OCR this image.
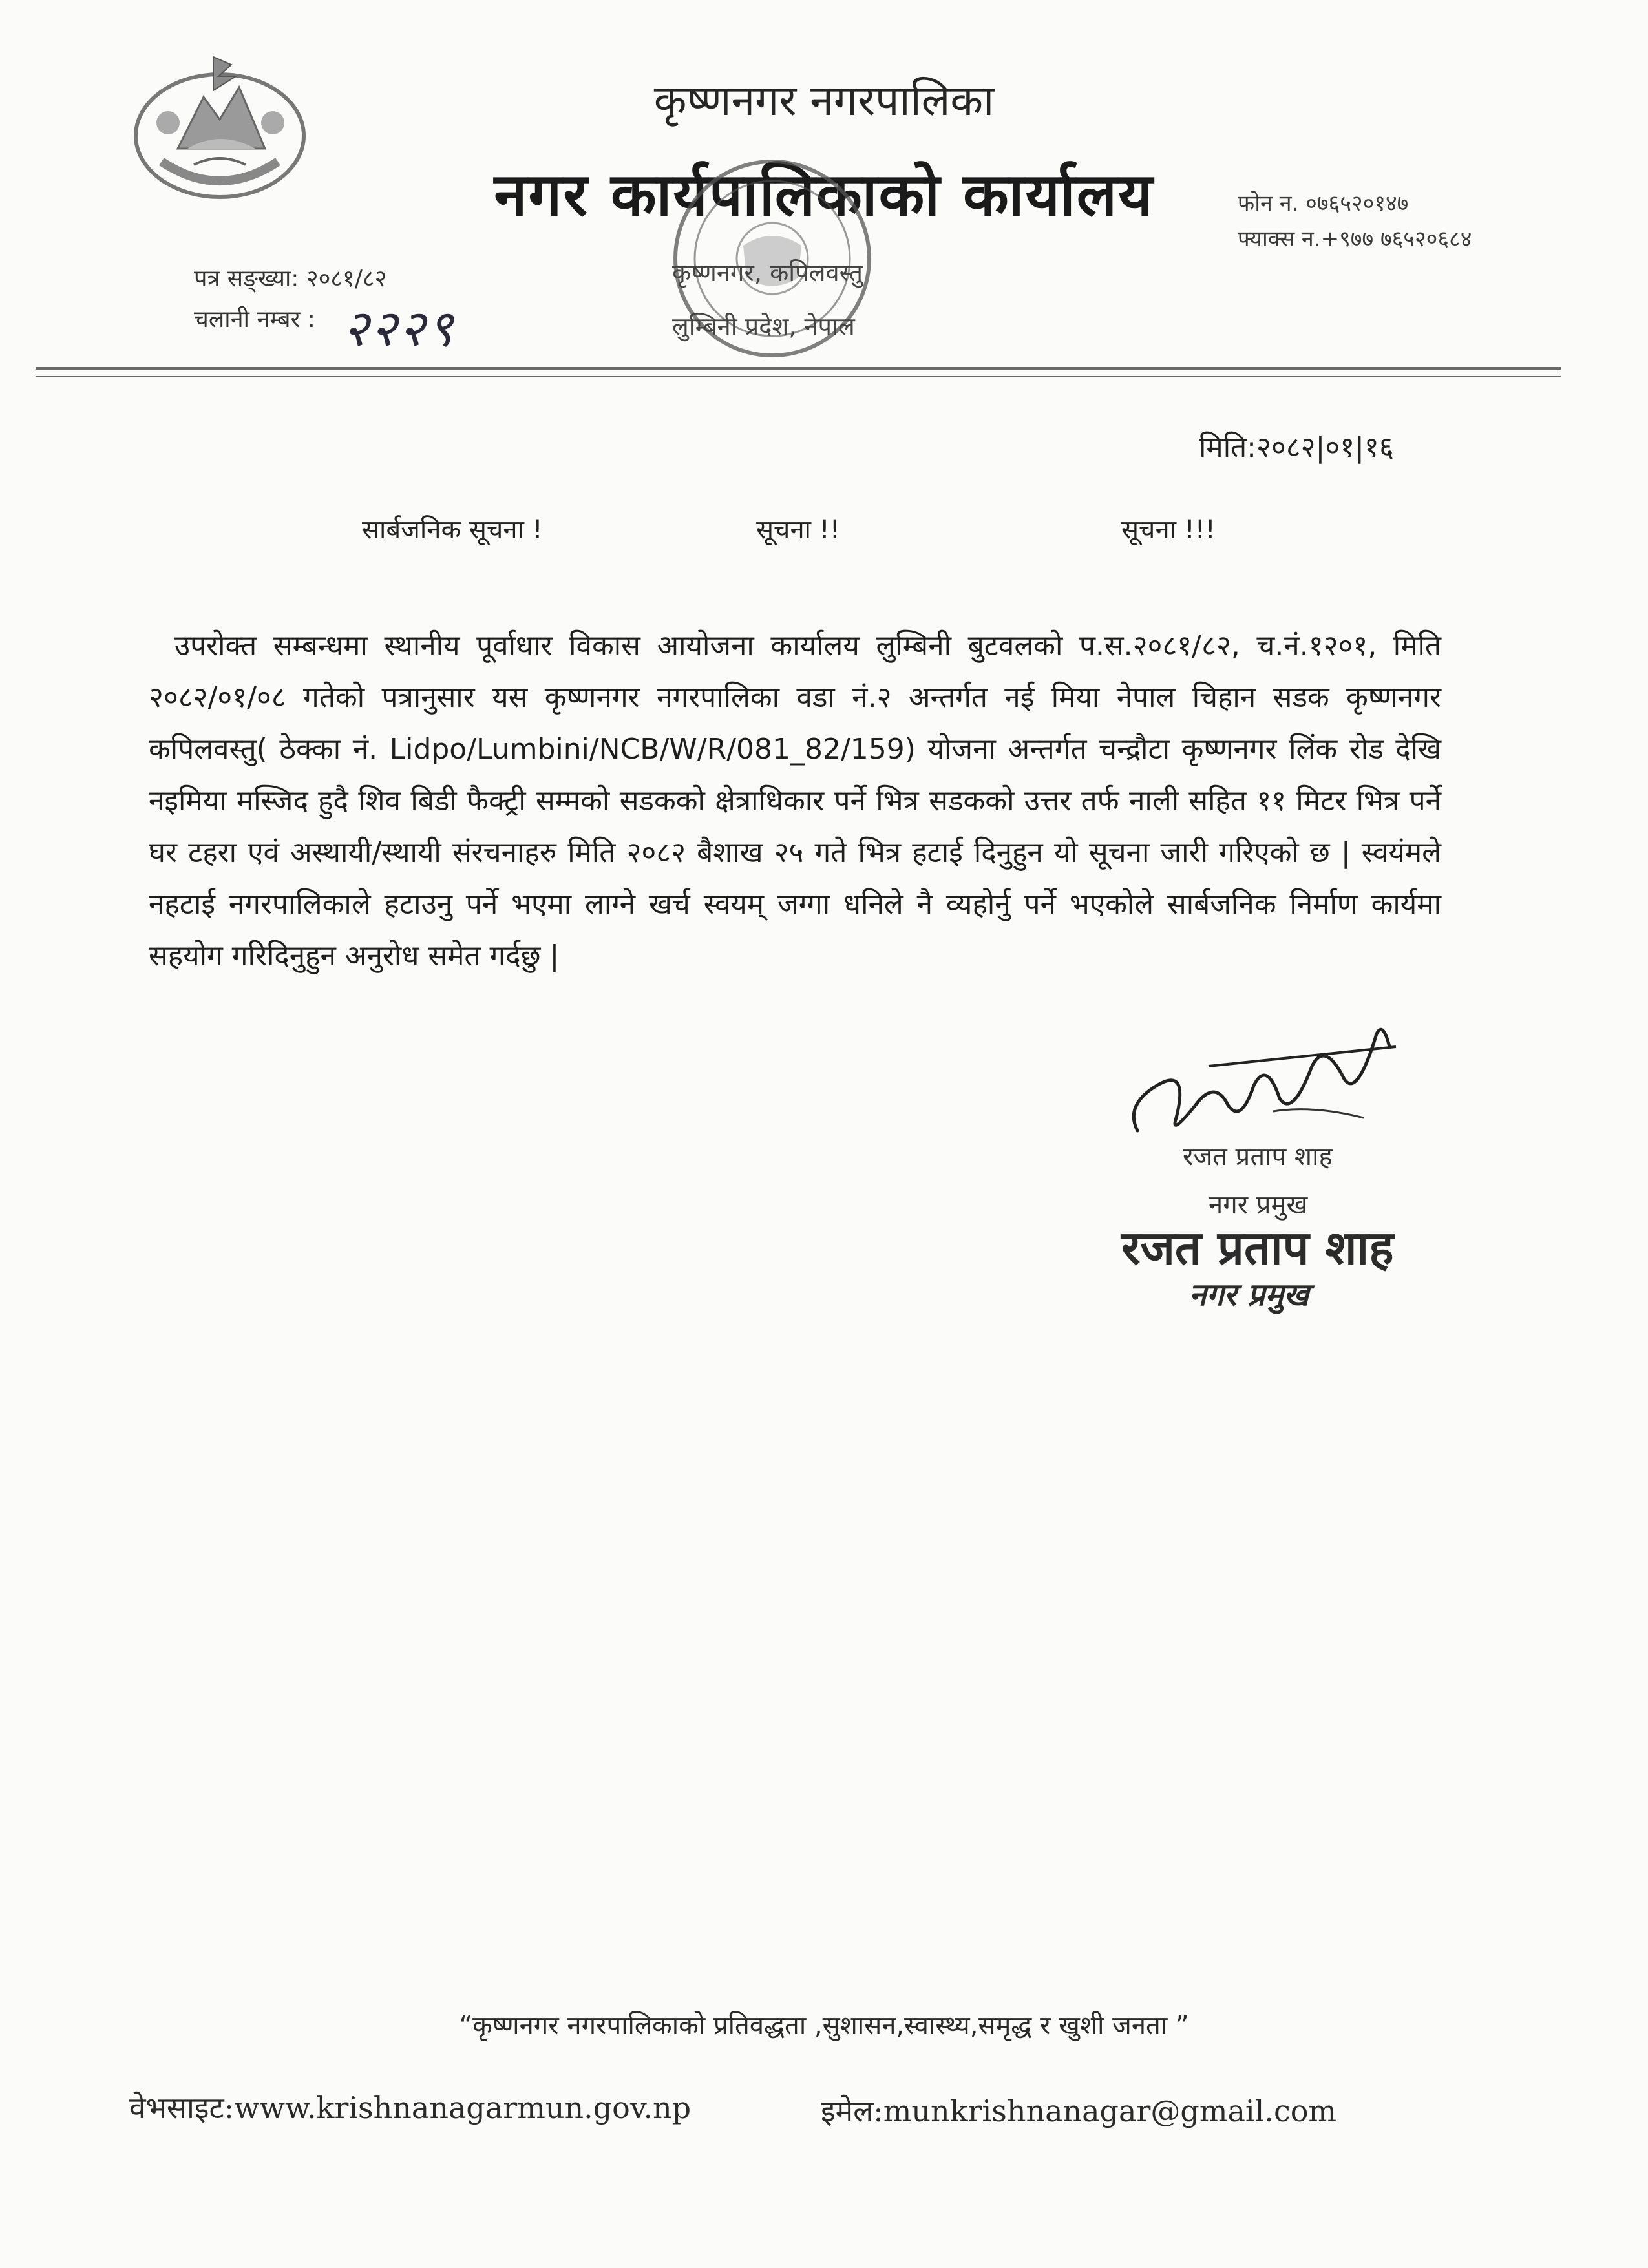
कृष्णनगर नगरपालिका
नगर कार्यपालिकाको कार्यालय	फोन न. ०७६५२०१४७
फ्याक्स न.+९७७ ७६५२०६८४
पत्र सङ्ख्या: २०८१/८२
चलानी नम्बर : २२२९
कृष्णनगर, कपिलवस्तु
लुम्बिनी प्रदेश, नेपाल
मिति:२०८२|०१|१६
सार्बजनिक सूचना !	सूचना !!	सूचना !!!
उपरोक्त सम्बन्धमा स्थानीय पूर्वाधार विकास आयोजना कार्यालय लुम्बिनी बुटवलको प.स.२०८१/८२, च.नं.१२०१, मिति २०८२/०१/०८ गतेको पत्रानुसार यस कृष्णनगर नगरपालिका वडा नं.२ अन्तर्गत नई मिया नेपाल चिहान सडक कृष्णनगर कपिलवस्तु( ठेक्का नं. Lidpo/Lumbini/NCB/W/R/081_82/159) योजना अन्तर्गत चन्द्रौटा कृष्णनगर लिंक रोड देखि नइमिया मस्जिद हुदै शिव बिडी फैक्ट्री सम्मको सडकको क्षेत्राधिकार पर्ने भित्र सडकको उत्तर तर्फ नाली सहित ११ मिटर भित्र पर्ने घर टहरा एवं अस्थायी/स्थायी संरचनाहरु मिति २०८२ बैशाख २५ गते भित्र हटाई दिनुहुन यो सूचना जारी गरिएको छ | स्वयंमले नहटाई नगरपालिकाले हटाउनु पर्ने भएमा लाग्ने खर्च स्वयम् जग्गा धनिले नै व्यहोर्नु पर्ने भएकोले सार्बजनिक निर्माण कार्यमा सहयोग गरिदिनुहुन अनुरोध समेत गर्दछु |
रजत प्रताप शाह
नगर प्रमुख
रजत प्रताप शाह
नगर प्रमुख
“कृष्णनगर नगरपालिकाको प्रतिवद्धता ,सुशासन,स्वास्थ्य,समृद्ध र खुशी जनता ”
वेभसाइट:www.krishnanagarmun.gov.np	इमेल:munkrishnanagar@gmail.com
